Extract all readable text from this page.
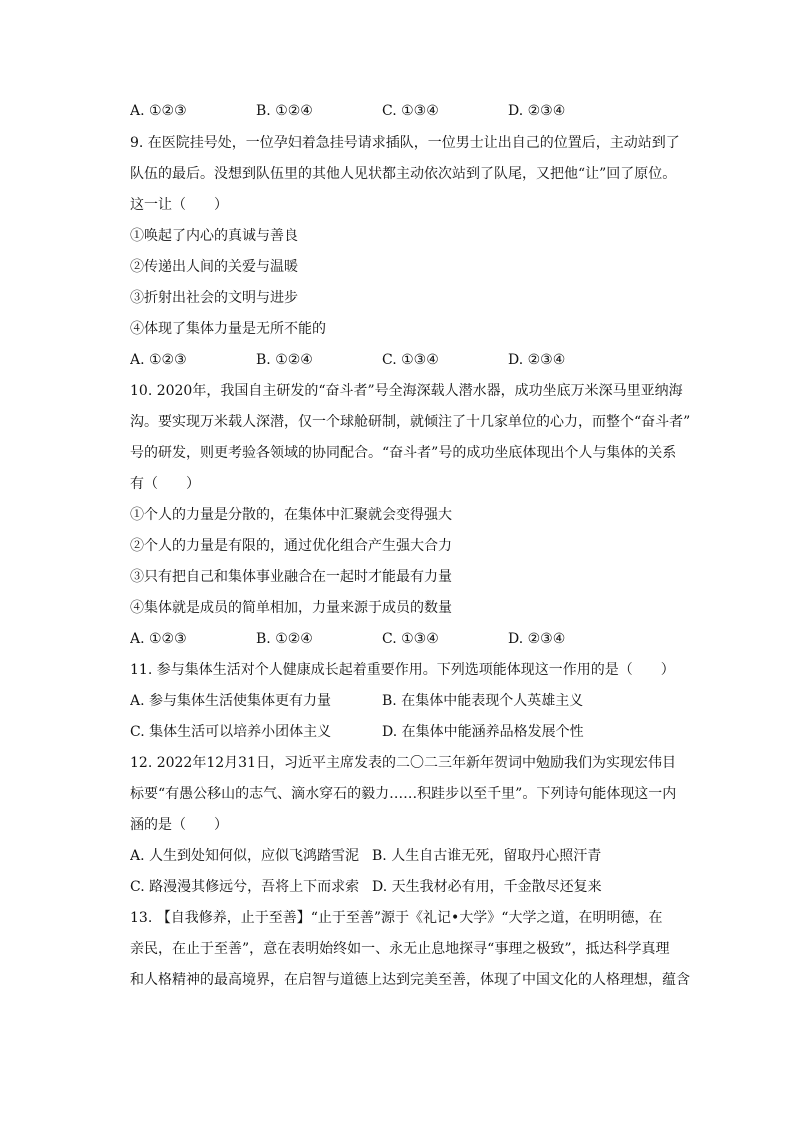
A. ①②③	B. ①②④	C. ①③④	D. ②③④
9. 在医院挂号处，一位孕妇着急挂号请求插队，一位男士让出自己的位置后，主动站到了
队伍的最后。没想到队伍里的其他人见状都主动依次站到了队尾，又把他“让”回了原位。
这一让（　　）
①唤起了内心的真诚与善良
②传递出人间的关爱与温暖
③折射出社会的文明与进步
④体现了集体力量是无所不能的
A. ①②③	B. ①②④	C. ①③④	D. ②③④
10. 2020年，我国自主研发的“奋斗者”号全海深载人潜水器，成功坐底万米深马里亚纳海
沟。要实现万米载人深潜，仅一个球舱研制，就倾注了十几家单位的心力，而整个“奋斗者”
号的研发，则更考验各领域的协同配合。“奋斗者”号的成功坐底体现出个人与集体的关系
有（　　）
①个人的力量是分散的，在集体中汇聚就会变得强大
②个人的力量是有限的，通过优化组合产生强大合力
③只有把自己和集体事业融合在一起时才能最有力量
④集体就是成员的简单相加，力量来源于成员的数量
A. ①②③	B. ①②④	C. ①③④	D. ②③④
11. 参与集体生活对个人健康成长起着重要作用。下列选项能体现这一作用的是（　　）
A. 参与集体生活使集体更有力量	B. 在集体中能表现个人英雄主义
C. 集体生活可以培养小团体主义	D. 在集体中能涵养品格发展个性
12. 2022年12月31日，习近平主席发表的二〇二三年新年贺词中勉励我们为实现宏伟目
标要“有愚公移山的志气、滴水穿石的毅力……积跬步以至千里”。下列诗句能体现这一内
涵的是（　　）
A. 人生到处知何似，应似飞鸿踏雪泥 B. 人生自古谁无死，留取丹心照汗青
C. 路漫漫其修远兮，吾将上下而求索 D. 天生我材必有用，千金散尽还复来
13. 【自我修养，止于至善】“止于至善”源于《礼记•大学》“大学之道，在明明德，在
亲民，在止于至善”，意在表明始终如一、永无止息地探寻“事理之极致”，抵达科学真理
和人格精神的最高境界，在启智与道德上达到完美至善，体现了中国文化的人格理想，蕴含
